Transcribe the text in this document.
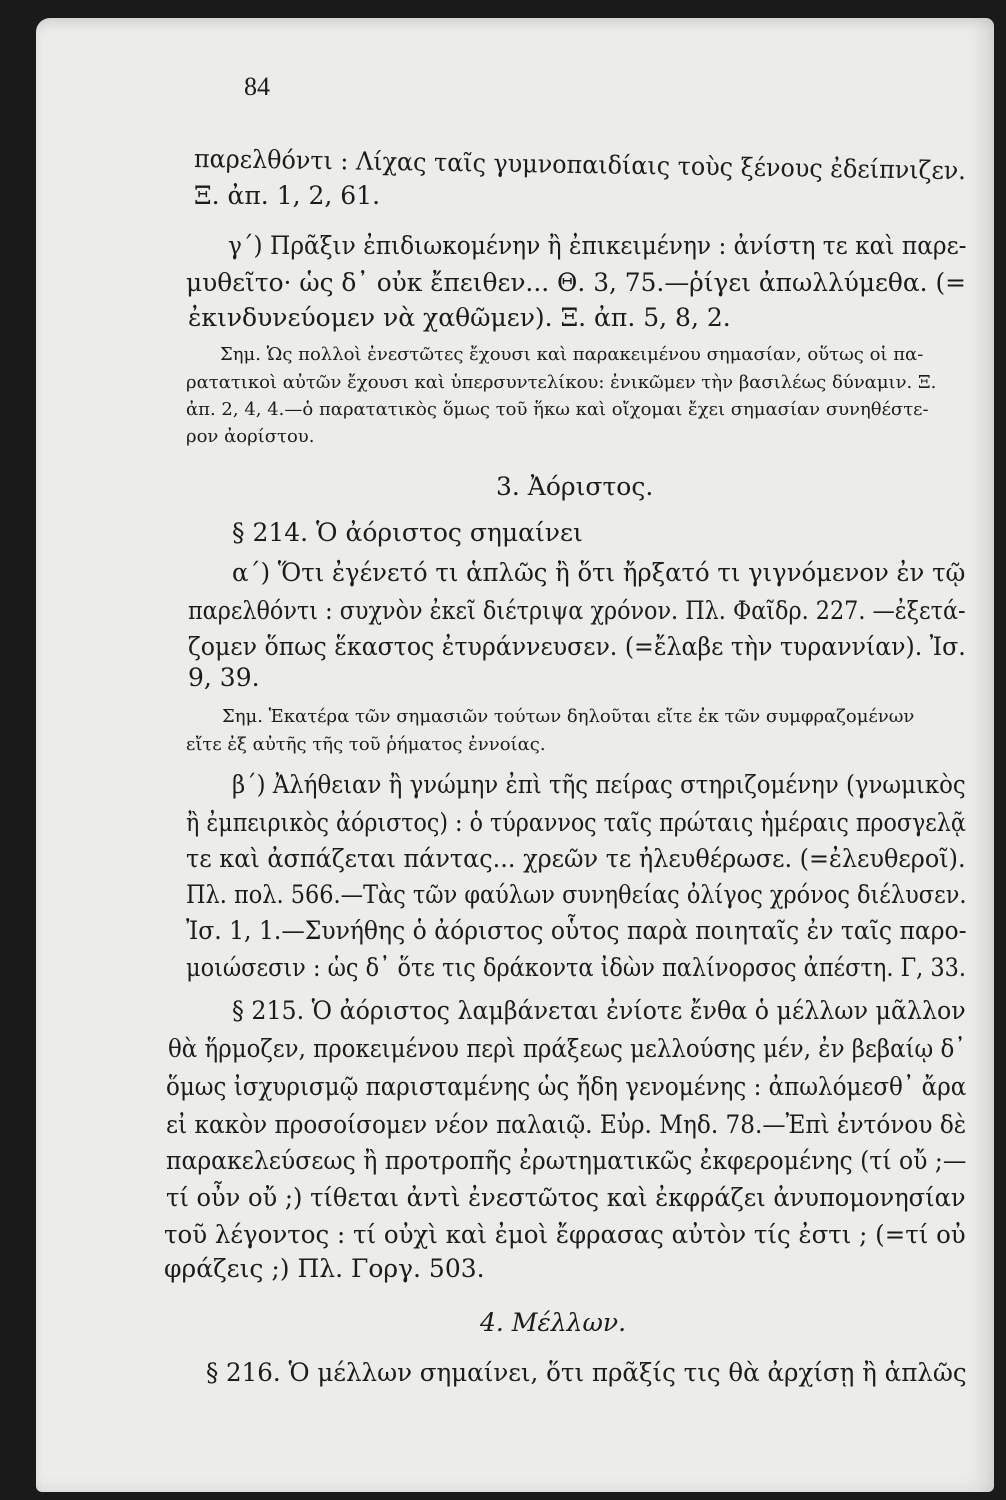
84
παρελθόντι : Λίχας ταῖς γυμνοπαιδίαις τοὺς ξένους ἐδείπνιζεν.
Ξ. ἀπ. 1, 2, 61.
γ΄) Πρᾶξιν ἐπιδιωκομένην ἢ ἐπικειμένην : ἀνίστη τε καὶ παρε-
μυθεῖτο· ὡς δ᾽ οὐκ ἔπειθεν... Θ. 3, 75.—ῥίγει ἀπωλλύμεθα. (=
ἐκινδυνεύομεν νὰ χαθῶμεν). Ξ. ἀπ. 5, 8, 2.
Σημ. Ὡς πολλοὶ ἐνεστῶτες ἔχουσι καὶ παρακειμένου σημασίαν, οὕτως οἱ πα-
ρατατικοὶ αὐτῶν ἔχουσι καὶ ὑπερσυντελίκου: ἐνικῶμεν τὴν βασιλέως δύναμιν. Ξ.
ἀπ. 2, 4, 4.—ὁ παρατατικὸς ὅμως τοῦ ἥκω καὶ οἴχομαι ἔχει σημασίαν συνηθέστε-
ρον ἀορίστου.
3. Ἀόριστος.
§ 214. Ὁ ἀόριστος σημαίνει
α΄) Ὅτι ἐγένετό τι ἁπλῶς ἢ ὅτι ἤρξατό τι γιγνόμενον ἐν τῷ
παρελθόντι : συχνὸν ἐκεῖ διέτριψα χρόνον. Πλ. Φαῖδρ. 227. —ἐξετά-
ζομεν ὅπως ἕκαστος ἐτυράννευσεν. (=ἔλαβε τὴν τυραννίαν). Ἰσ.
9, 39.
Σημ. Ἑκατέρα τῶν σημασιῶν τούτων δηλοῦται εἴτε ἐκ τῶν συμφραζομένων
εἴτε ἐξ αὐτῆς τῆς τοῦ ῥήματος ἐννοίας.
β΄) Ἀλήθειαν ἢ γνώμην ἐπὶ τῆς πείρας στηριζομένην (γνωμικὸς
ἢ ἐμπειρικὸς ἀόριστος) : ὁ τύραννος ταῖς πρώταις ἡμέραις προσγελᾷ
τε καὶ ἀσπάζεται πάντας... χρεῶν τε ἠλευθέρωσε. (=ἐλευθεροῖ).
Πλ. πολ. 566.—Τὰς τῶν φαύλων συνηθείας ὀλίγος χρόνος διέλυσεν.
Ἰσ. 1, 1.—Συνήθης ὁ ἀόριστος οὗτος παρὰ ποιηταῖς ἐν ταῖς παρο-
μοιώσεσιν : ὡς δ᾽ ὅτε τις δράκοντα ἰδὼν παλίνορσος ἀπέστη. Γ, 33.
§ 215. Ὁ ἀόριστος λαμβάνεται ἐνίοτε ἔνθα ὁ μέλλων μᾶλλον
θὰ ἥρμοζεν, προκειμένου περὶ πράξεως μελλούσης μέν, ἐν βεβαίῳ δ᾽
ὅμως ἰσχυρισμῷ παρισταμένης ὡς ἤδη γενομένης : ἀπωλόμεσθ᾽ ἄρα
εἰ κακὸν προσοίσομεν νέον παλαιῷ. Εὐρ. Μηδ. 78.—Ἐπὶ ἐντόνου δὲ
παρακελεύσεως ἢ προτροπῆς ἐρωτηματικῶς ἐκφερομένης (τί οὔ ;—
τί οὖν οὔ ;) τίθεται ἀντὶ ἐνεστῶτος καὶ ἐκφράζει ἀνυπομονησίαν
τοῦ λέγοντος : τί οὐχὶ καὶ ἐμοὶ ἔφρασας αὐτὸν τίς ἐστι ; (=τί οὐ
φράζεις ;) Πλ. Γοργ. 503.
4. Μέλλων.
§ 216. Ὁ μέλλων σημαίνει, ὅτι πρᾶξίς τις θὰ ἀρχίσῃ ἢ ἁπλῶς
